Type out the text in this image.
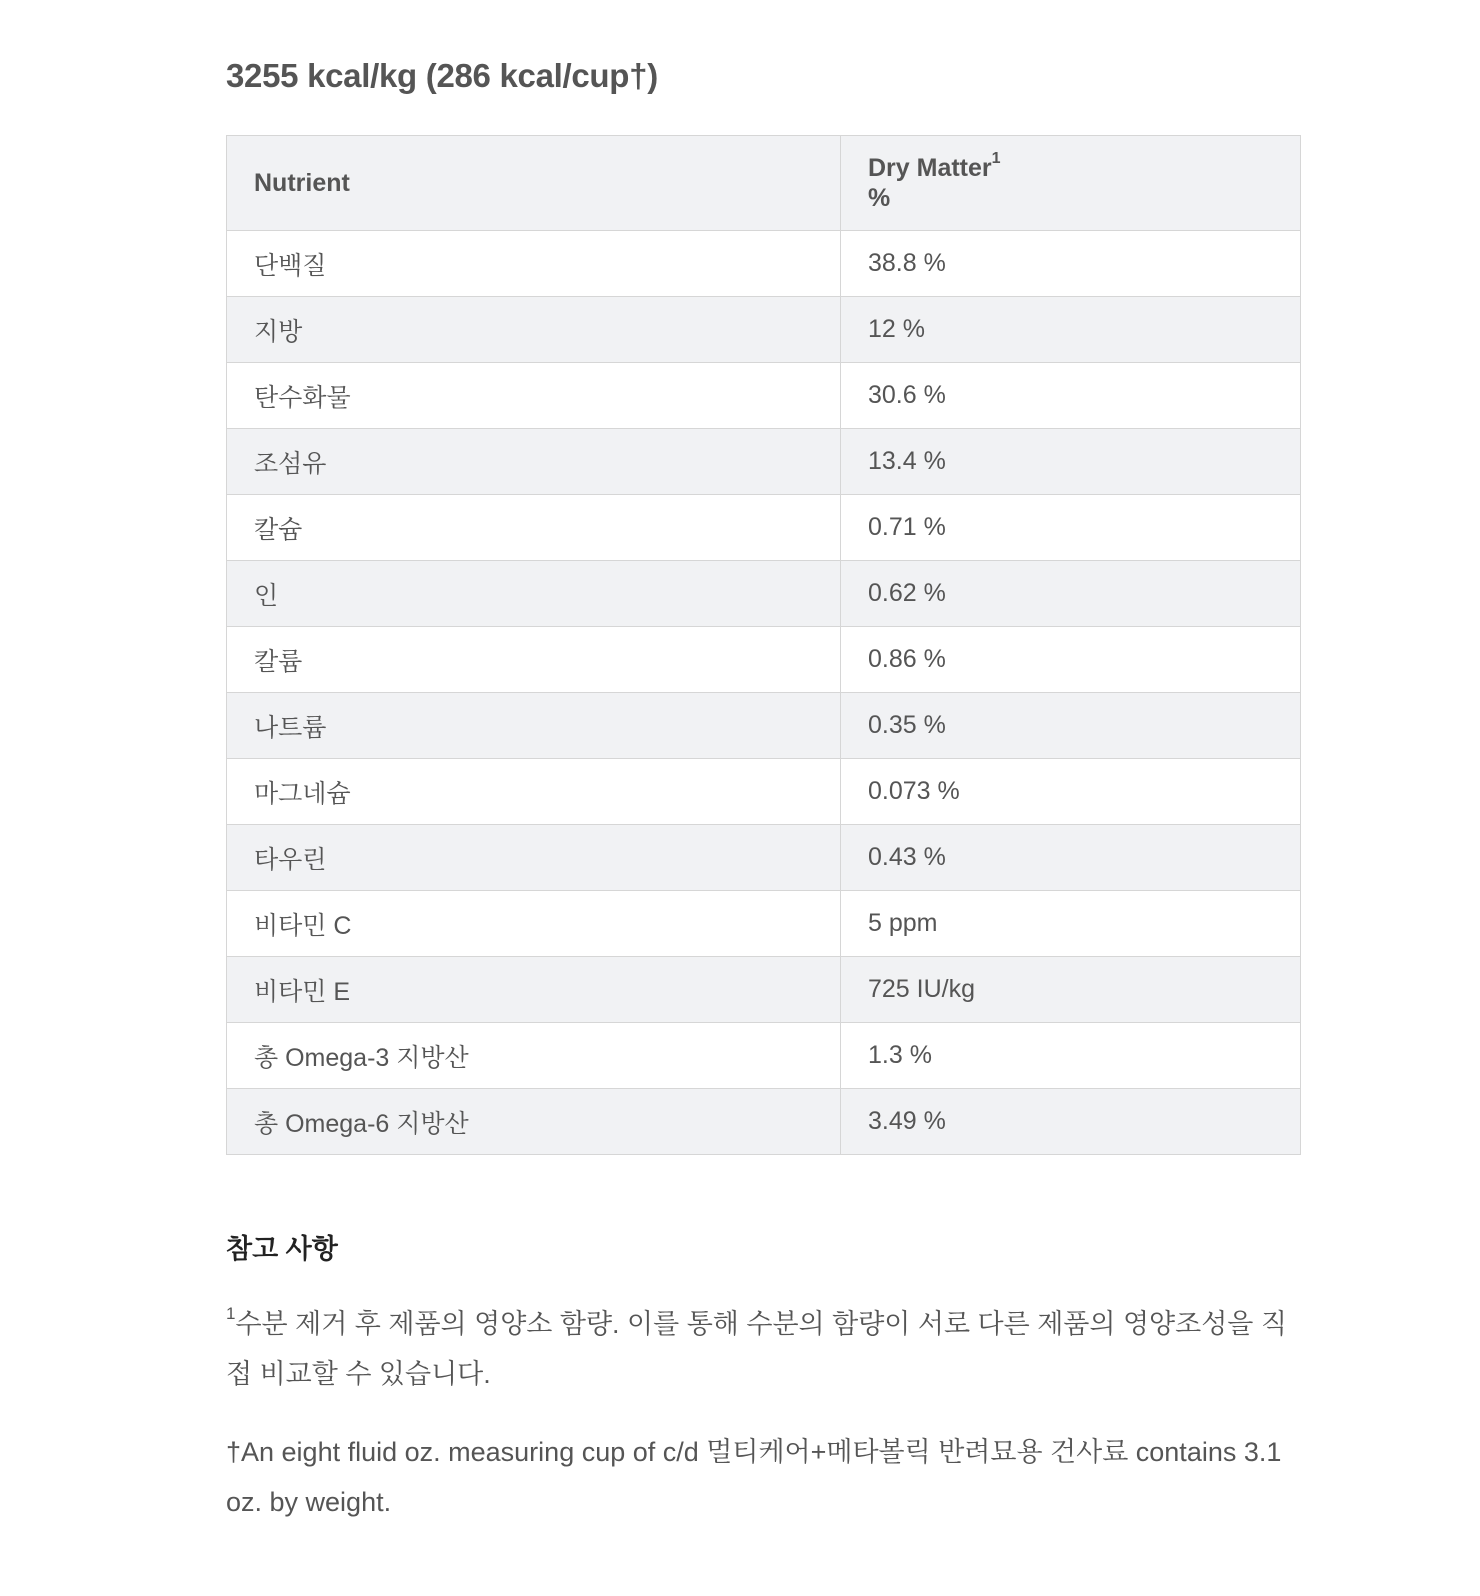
3255 kcal/kg (286 kcal/cup†)
Nutrient	Dry Matter$^1$
%
단백질	38.8 %
지방	12 %
탄수화물	30.6 %
조섬유	13.4 %
칼슘	0.71 %
인	0.62 %
칼륨	0.86 %
나트륨	0.35 %
마그네슘	0.073 %
타우린	0.43 %
비타민 C	5 ppm
비타민 E	725 IU/kg
총 Omega-3 지방산	1.3 %
총 Omega-6 지방산	3.49 %
참고 사항

$^1$수분 제거 후 제품의 영양소 함량. 이를 통해 수분의 함량이 서로 다른 제품의 영양조성을 직접 비교할 수 있습니다.

†An eight fluid oz. measuring cup of c/d 멀티케어+메타볼릭 반려묘용 건사료 contains 3.1 oz. by weight.
